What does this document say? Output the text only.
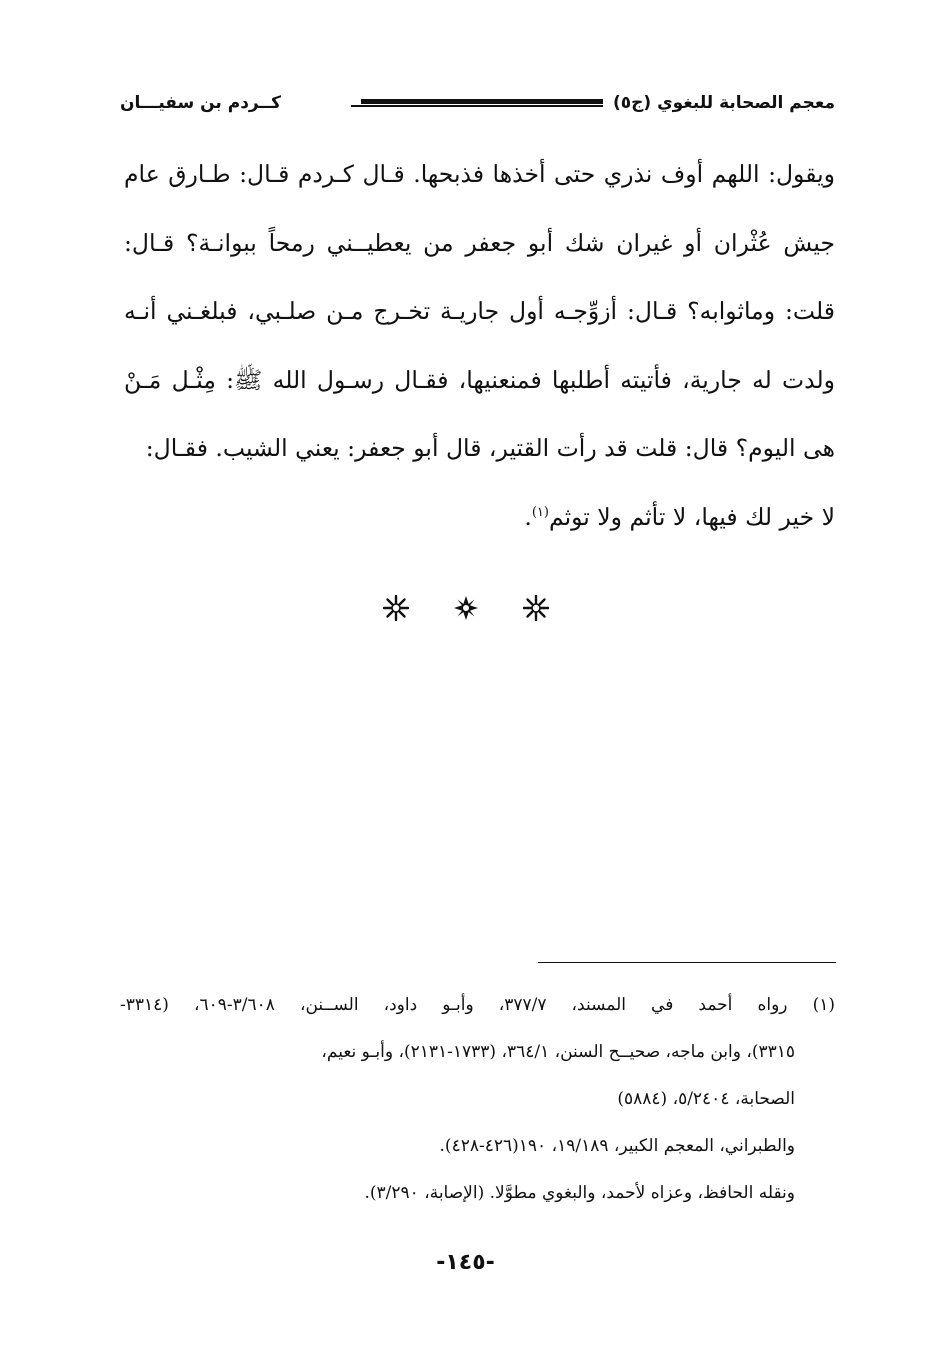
معجم الصحابة للبغوي (ج٥)
كــردم بن سفيـــان
ويقول: اللهم أوف نذري حتى أخذها فذبحها. قـال كـردم قـال: طـارق عام جيش عُثْران أو غيران شك أبو جعفر من يعطيــني رمحاً ببوانـة؟ قـال: قلت: وماثوابه؟ قـال: أزوِّجـه أول جاريـة تخـرج مـن صلـبي، فبلغـني أنـه ولدت له جارية، فأتيته أطلبها فمنعنيها، فقـال رسـول الله ﷺ: مِثْـل مَـنْ هى اليوم؟ قال: قلت قد رأت القتير، قال أبو جعفر: يعني الشيب. فقـال:
لا خير لك فيها، لا تأثم ولا توثم$^{(١)}$.
(١) رواه أحمد في المسند، ٣٧٧/٧، وأبـو داود، الســنن، ٣/٦٠٨-٦٠٩، (٣٣١٤-
٣٣١٥)، وابن ماجه، صحيــح السنن، ٣٦٤/١، (١٧٣٣-٢١٣١)، وأبـو نعيم،
الصحابة، ٥/٢٤٠٤، (٥٨٨٤)
والطبراني، المعجم الكبير، ١٩/١٨٩، ١٩٠(٤٢٦-٤٢٨).
ونقله الحافظ، وعزاه لأحمد، والبغوي مطوَّلا. (الإصابة، ٣/٢٩٠).
-١٤٥-
